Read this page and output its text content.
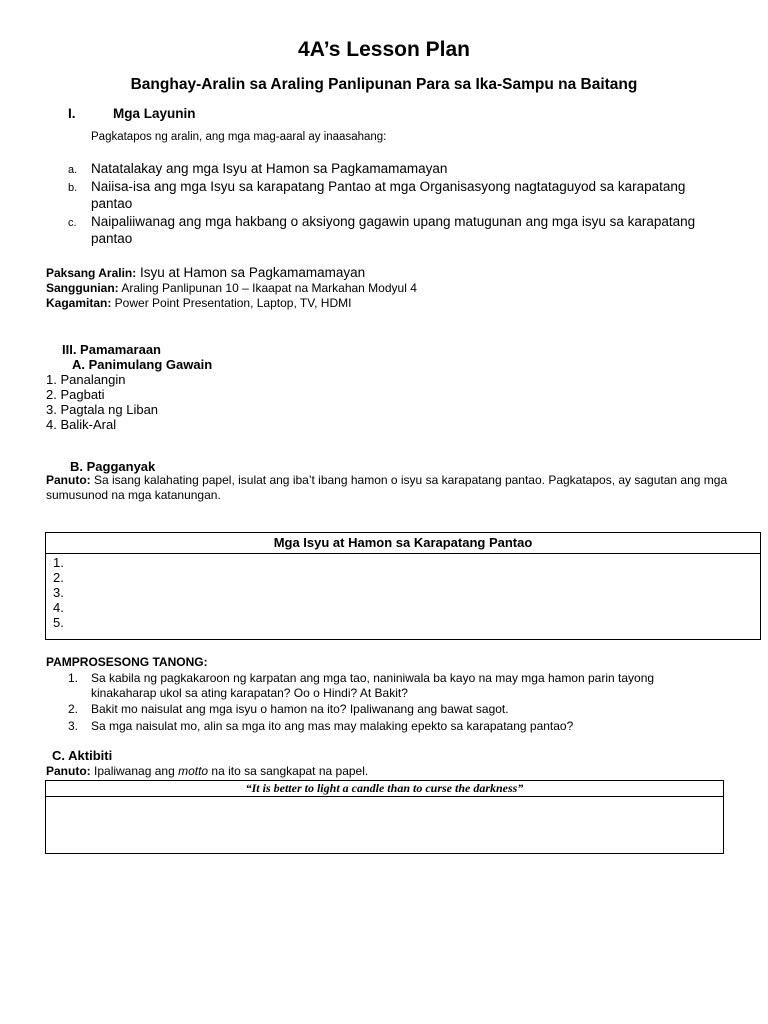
4A’s Lesson Plan
Banghay-Aralin sa Araling Panlipunan Para sa Ika-Sampu na Baitang
I.	Mga Layunin
Pagkatapos ng aralin, ang mga mag-aaral ay inaasahang:
a. Natatalakay ang mga Isyu at Hamon sa Pagkamamamayan
b. Naiisa-isa ang mga Isyu sa karapatang Pantao at mga Organisasyong nagtataguyod sa karapatang pantao
c. Naipaliiwanag ang mga hakbang o aksiyong gagawin upang matugunan ang mga isyu sa karapatang pantao
Paksang Aralin: Isyu at Hamon sa Pagkamamamayan
Sanggunian: Araling Panlipunan 10 – Ikaapat na Markahan Modyul 4
Kagamitan: Power Point Presentation, Laptop, TV, HDMI
III. Pamamaraan
A. Panimulang Gawain
1. Panalangin
2. Pagbati
3. Pagtala ng Liban
4. Balik-Aral
B. Pagganyak
Panuto: Sa isang kalahating papel, isulat ang iba’t ibang hamon o isyu sa karapatang pantao. Pagkatapos, ay sagutan ang mga sumusunod na mga katanungan.
Mga Isyu at Hamon sa Karapatang Pantao
1.
2.
3.
4.
5.
PAMPROSESONG TANONG:
1. Sa kabila ng pagkakaroon ng karpatan ang mga tao, naniniwala ba kayo na may mga hamon parin tayong kinakaharap ukol sa ating karapatan? Oo o Hindi? At Bakit?
2. Bakit mo naisulat ang mga isyu o hamon na ito? Ipaliwanang ang bawat sagot.
3. Sa mga naisulat mo, alin sa mga ito ang mas may malaking epekto sa karapatang pantao?
C. Aktibiti
Panuto: Ipaliwanag ang motto na ito sa sangkapat na papel.
“It is better to light a candle than to curse the darkness”
